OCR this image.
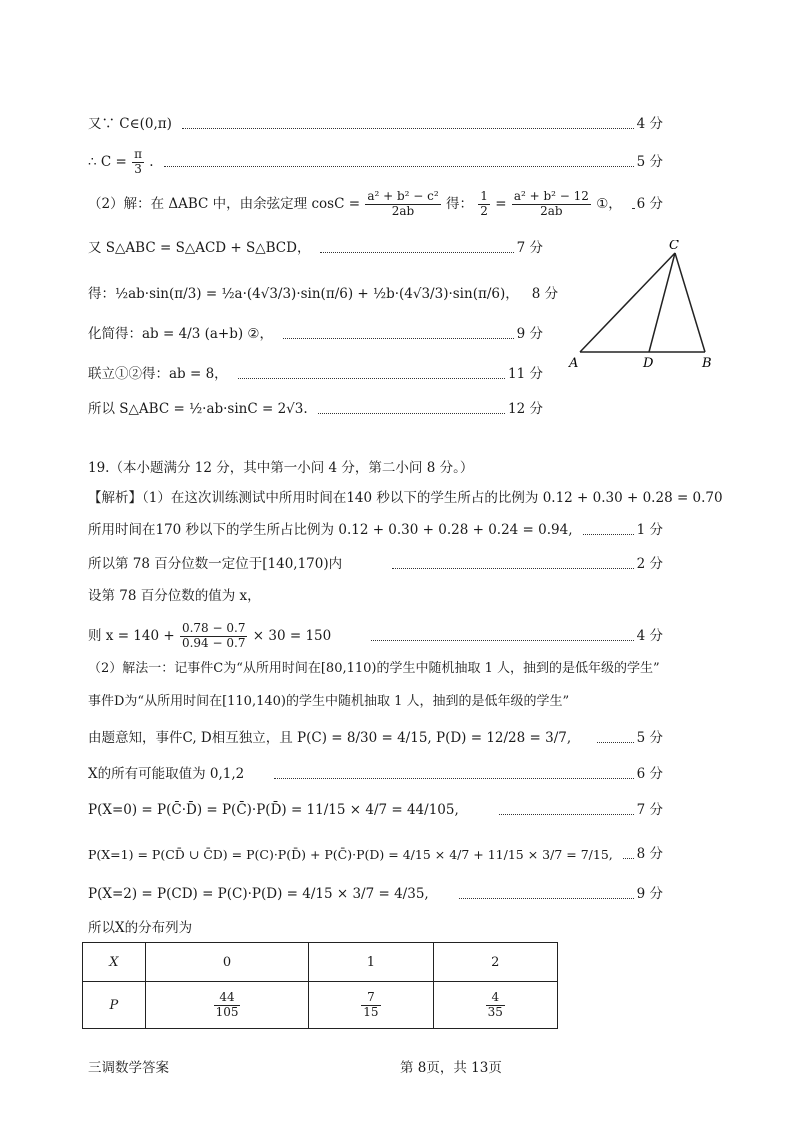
又∵ C∈(0,π)	4 分
∴ $C = \frac{\pi}{3}$ .	5 分
（2）解：在 ΔABC 中，由余弦定理 $\cos C = \frac{\text{a² + b² − c²}}{2ab}$ 得： $\frac{1}{2} = \frac{\text{a² + b² − 12}}{2ab}$ ①， 6 分
又 S△ABC = S△ACD + S△BCD，	7 分
得：½ab·sin(π/3) = ½a·(4√3/3)·sin(π/6) + ½b·(4√3/3)·sin(π/6)， 8 分
化简得：ab = 4/3 (a+b) ②，	9 分
联立①②得：ab = 8，	11 分
所以 S△ABC = ½·ab·sinC = 2√3.	12 分
A	B
C
D
19.（本小题满分 12 分，其中第一小问 4 分，第二小问 8 分。）
【解析】（1）在这次训练测试中所用时间在140 秒以下的学生所占的比例为 0.12 + 0.30 + 0.28 = 0.70
所用时间在170 秒以下的学生所占比例为 0.12 + 0.30 + 0.28 + 0.24 = 0.94,	1 分
所以第 78 百分位数一定位于[140,170)内	2 分
设第 78 百分位数的值为 x，
则 $x = 140 + \frac{0.78 - 0.7}{0.94 - 0.7} \times 30 = 150$	4 分
（2）解法一：记事件C为“从所用时间在[80,110)的学生中随机抽取 1 人，抽到的是低年级的学生”
事件D为“从所用时间在[110,140)的学生中随机抽取 1 人，抽到的是低年级的学生”
由题意知，事件C, D相互独立，且 P(C) = 8/30 = 4/15, P(D) = 12/28 = 3/7,	5 分
X的所有可能取值为 0,1,2	6 分
P(X=0) = P(C̄·D̄) = P(C̄)·P(D̄) = 11/15 × 4/7 = 44/105,	7 分
P(X=1) = P(CD̄ ∪ C̄D) = P(C)·P(D̄) + P(C̄)·P(D) = 4/15 × 4/7 + 11/15 × 3/7 = 7/15, 8 分
P(X=2) = P(CD) = P(C)·P(D) = 4/15 × 3/7 = 4/35,	9 分
所以X的分布列为
X	0	1	2
P	$\frac{44}{105}$	$\frac{7}{15}$	$\frac{4}{35}$
三调数学答案	第 8页，共 13页
